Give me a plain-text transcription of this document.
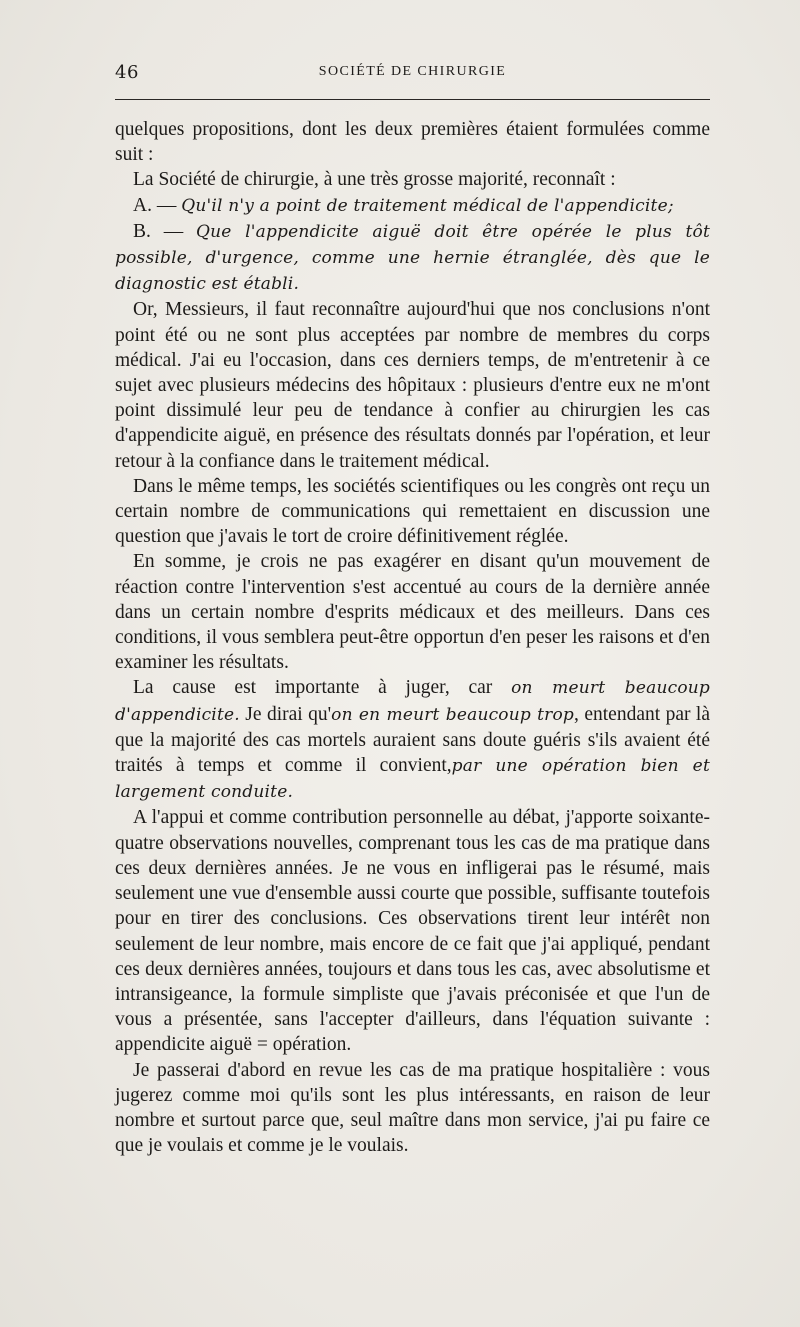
46	SOCIÉTÉ DE CHIRURGIE

quelques propositions, dont les deux premières étaient formulées comme suit :

La Société de chirurgie, à une très grosse majorité, reconnaît :

A. — Qu'il n'y a point de traitement médical de l'appendicite;

B. — Que l'appendicite aiguë doit être opérée le plus tôt possible, d'urgence, comme une hernie étranglée, dès que le diagnostic est établi.

Or, Messieurs, il faut reconnaître aujourd'hui que nos conclusions n'ont point été ou ne sont plus acceptées par nombre de membres du corps médical. J'ai eu l'occasion, dans ces derniers temps, de m'entretenir à ce sujet avec plusieurs médecins des hôpitaux : plusieurs d'entre eux ne m'ont point dissimulé leur peu de tendance à confier au chirurgien les cas d'appendicite aiguë, en présence des résultats donnés par l'opération, et leur retour à la confiance dans le traitement médical.

Dans le même temps, les sociétés scientifiques ou les congrès ont reçu un certain nombre de communications qui remettaient en discussion une question que j'avais le tort de croire définitivement réglée.

En somme, je crois ne pas exagérer en disant qu'un mouvement de réaction contre l'intervention s'est accentué au cours de la dernière année dans un certain nombre d'esprits médicaux et des meilleurs. Dans ces conditions, il vous semblera peut-être opportun d'en peser les raisons et d'en examiner les résultats.

La cause est importante à juger, car on meurt beaucoup d'appendicite. Je dirai qu'on en meurt beaucoup trop, entendant par là que la majorité des cas mortels auraient sans doute guéris s'ils avaient été traités à temps et comme il convient,par une opération bien et largement conduite.

A l'appui et comme contribution personnelle au débat, j'apporte soixante-quatre observations nouvelles, comprenant tous les cas de ma pratique dans ces deux dernières années. Je ne vous en infligerai pas le résumé, mais seulement une vue d'ensemble aussi courte que possible, suffisante toutefois pour en tirer des conclusions. Ces observations tirent leur intérêt non seulement de leur nombre, mais encore de ce fait que j'ai appliqué, pendant ces deux dernières années, toujours et dans tous les cas, avec absolutisme et intransigeance, la formule simpliste que j'avais préconisée et que l'un de vous a présentée, sans l'accepter d'ailleurs, dans l'équation suivante : appendicite aiguë = opération.

Je passerai d'abord en revue les cas de ma pratique hospitalière : vous jugerez comme moi qu'ils sont les plus intéressants, en raison de leur nombre et surtout parce que, seul maître dans mon service, j'ai pu faire ce que je voulais et comme je le voulais.
